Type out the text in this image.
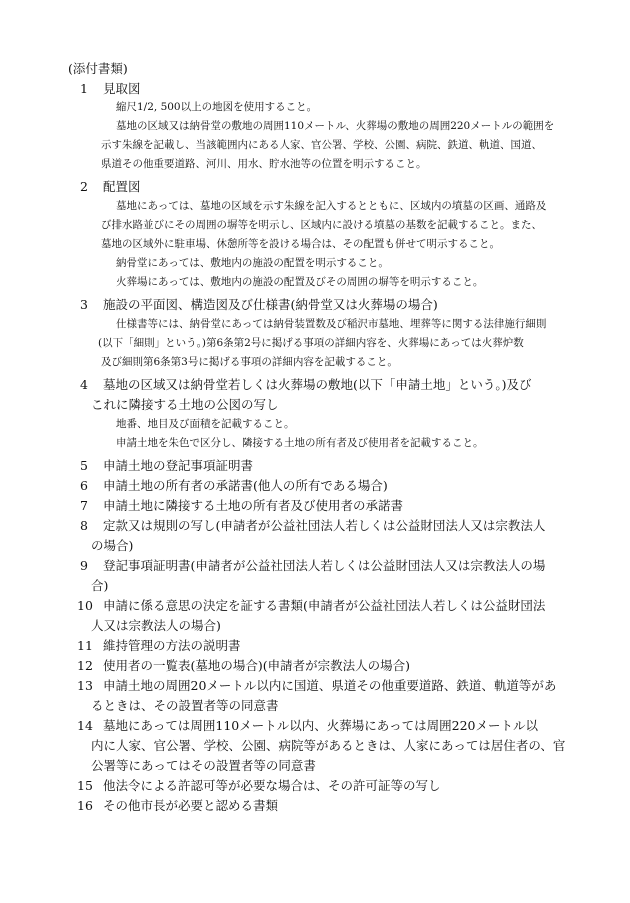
(添付書類)
1 見取図
縮尺1/2, 500以上の地図を使用すること。
墓地の区域又は納骨堂の敷地の周囲110メートル、火葬場の敷地の周囲220メートルの範囲を
示す朱線を記載し、当該範囲内にある人家、官公署、学校、公園、病院、鉄道、軌道、国道、
県道その他重要道路、河川、用水、貯水池等の位置を明示すること。
2 配置図
墓地にあっては、墓地の区域を示す朱線を記入するとともに、区域内の墳墓の区画、通路及
び排水路並びにその周囲の塀等を明示し、区域内に設ける墳墓の基数を記載すること。また、
墓地の区域外に駐車場、休憩所等を設ける場合は、その配置も併せて明示すること。
納骨堂にあっては、敷地内の施設の配置を明示すること。
火葬場にあっては、敷地内の施設の配置及びその周囲の塀等を明示すること。
3 施設の平面図、構造図及び仕様書(納骨堂又は火葬場の場合)
仕様書等には、納骨堂にあっては納骨装置数及び稲沢市墓地、埋葬等に関する法律施行細則
(以下「細則」という。)第6条第2号に掲げる事項の詳細内容を、火葬場にあっては火葬炉数
及び細則第6条第3号に掲げる事項の詳細内容を記載すること。
4 墓地の区域又は納骨堂若しくは火葬場の敷地(以下「申請土地」という。)及び
これに隣接する土地の公図の写し
地番、地目及び面積を記載すること。
申請土地を朱色で区分し、隣接する土地の所有者及び使用者を記載すること。
5 申請土地の登記事項証明書
6 申請土地の所有者の承諾書(他人の所有である場合)
7 申請土地に隣接する土地の所有者及び使用者の承諾書
8 定款又は規則の写し(申請者が公益社団法人若しくは公益財団法人又は宗教法人
の場合)
9 登記事項証明書(申請者が公益社団法人若しくは公益財団法人又は宗教法人の場
合)
10 申請に係る意思の決定を証する書類(申請者が公益社団法人若しくは公益財団法
人又は宗教法人の場合)
11 維持管理の方法の説明書
12 使用者の一覧表(墓地の場合)(申請者が宗教法人の場合)
13 申請土地の周囲20メートル以内に国道、県道その他重要道路、鉄道、軌道等があ
るときは、その設置者等の同意書
14 墓地にあっては周囲110メートル以内、火葬場にあっては周囲220メートル以
内に人家、官公署、学校、公園、病院等があるときは、人家にあっては居住者の、官
公署等にあってはその設置者等の同意書
15 他法令による許認可等が必要な場合は、その許可証等の写し
16 その他市長が必要と認める書類
